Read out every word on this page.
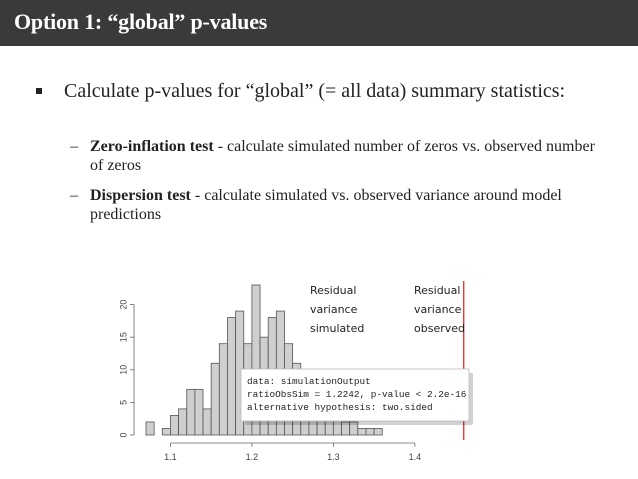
Option 1: “global” p-values
Calculate p-values for “global” (= all data) summary statistics:
– Zero-inflation test - calculate simulated number of zeros vs. observed number of zeros
– Dispersion test - calculate simulated vs. observed variance around model predictions
0
5
10
15
20
1.1	1.2	1.3	1.4
Residual
variance
simulated
Residual
variance
observed
data: simulationOutput
ratioObsSim = 1.2242, p-value < 2.2e-16
alternative hypothesis: two.sided
